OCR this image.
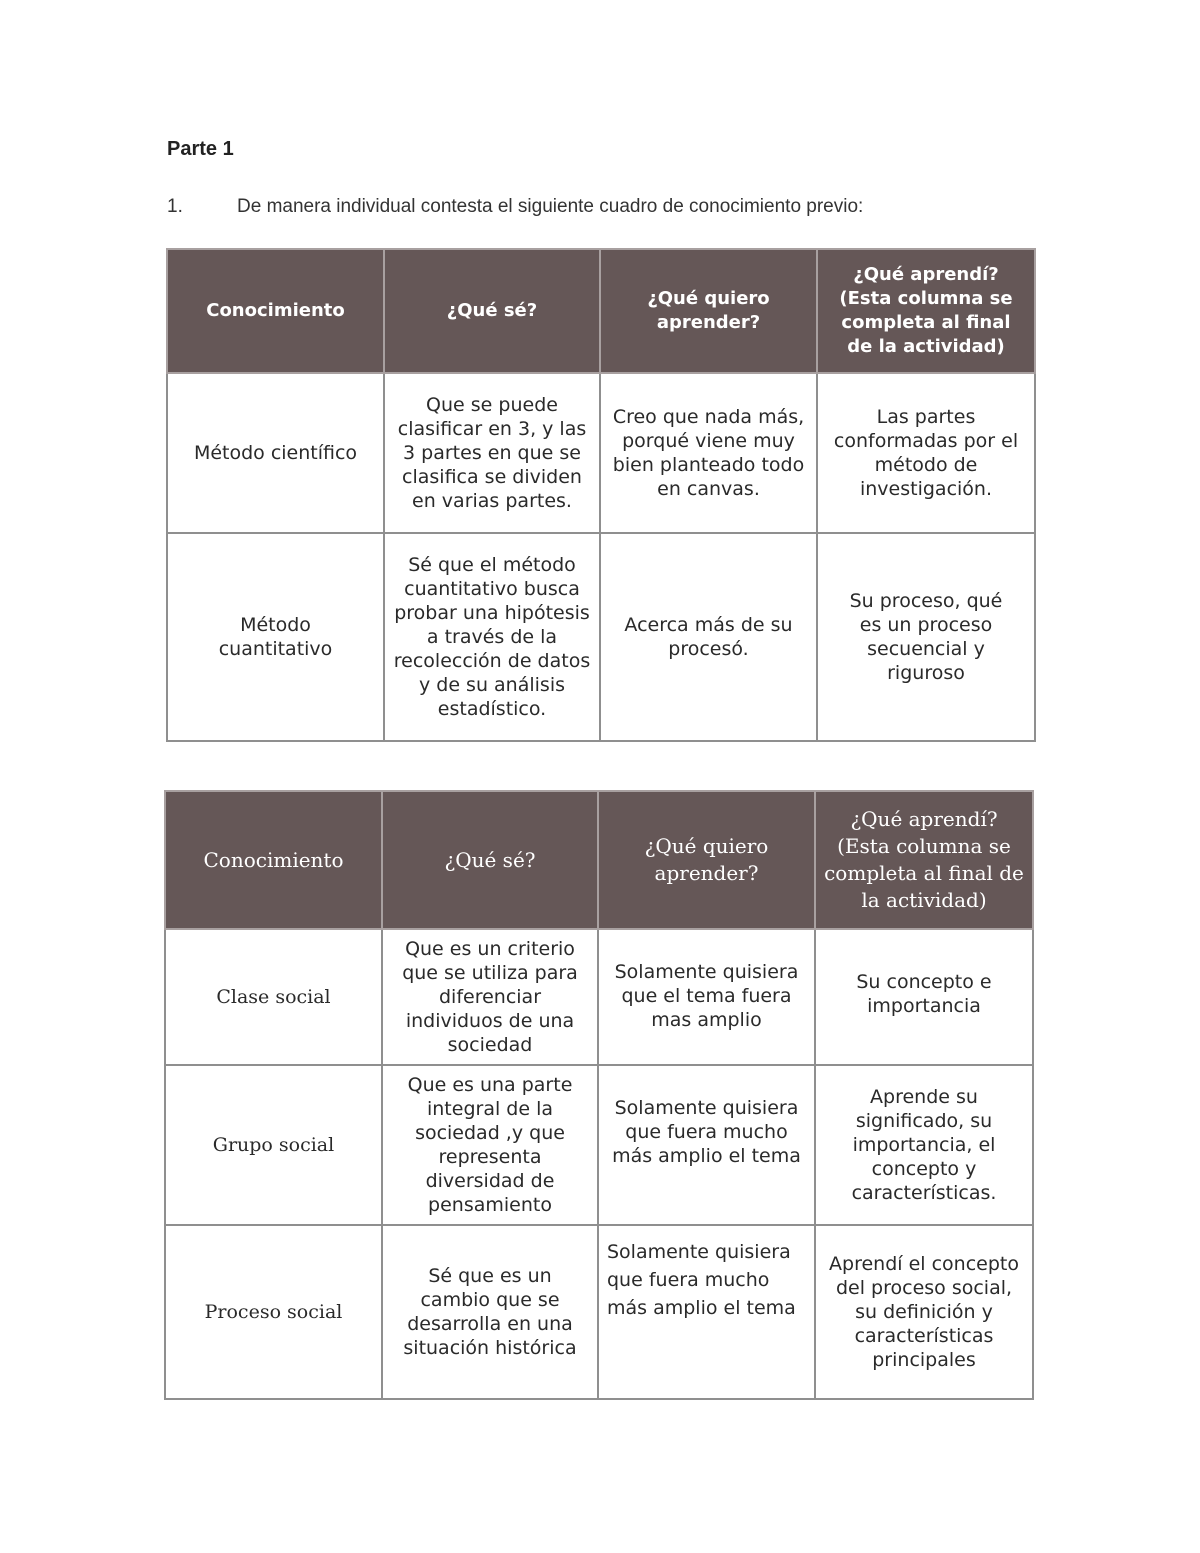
Parte 1
1.	De manera individual contesta el siguiente cuadro de conocimiento previo:
Conocimiento	¿Qué sé?	¿Qué quiero aprender?	¿Qué aprendí? (Esta columna se completa al final de la actividad)
Método científico	Que se puede clasificar en 3, y las 3 partes en que se clasifica se dividen en varias partes.	Creo que nada más, porqué viene muy bien planteado todo en canvas.	Las partes conformadas por el método de investigación.
Método cuantitativo	Sé que el método cuantitativo busca probar una hipótesis a través de la recolección de datos y de su análisis estadístico.	Acerca más de su procesó.	Su proceso, qué es un proceso secuencial y riguroso
Conocimiento	¿Qué sé?	¿Qué quiero aprender?	¿Qué aprendí? (Esta columna se completa al final de la actividad)
Clase social	Que es un criterio que se utiliza para diferenciar individuos de una sociedad	Solamente quisiera que el tema fuera mas amplio	Su concepto e importancia
Grupo social	Que es una parte integral de la sociedad ,y que representa diversidad de pensamiento	Solamente quisiera que fuera mucho más amplio el tema	Aprende su significado, su importancia, el concepto y características.
Proceso social	Sé que es un cambio que se desarrolla en una situación histórica	Solamente quisiera que fuera mucho más amplio el tema	Aprendí el concepto del proceso social, su definición y características principales
